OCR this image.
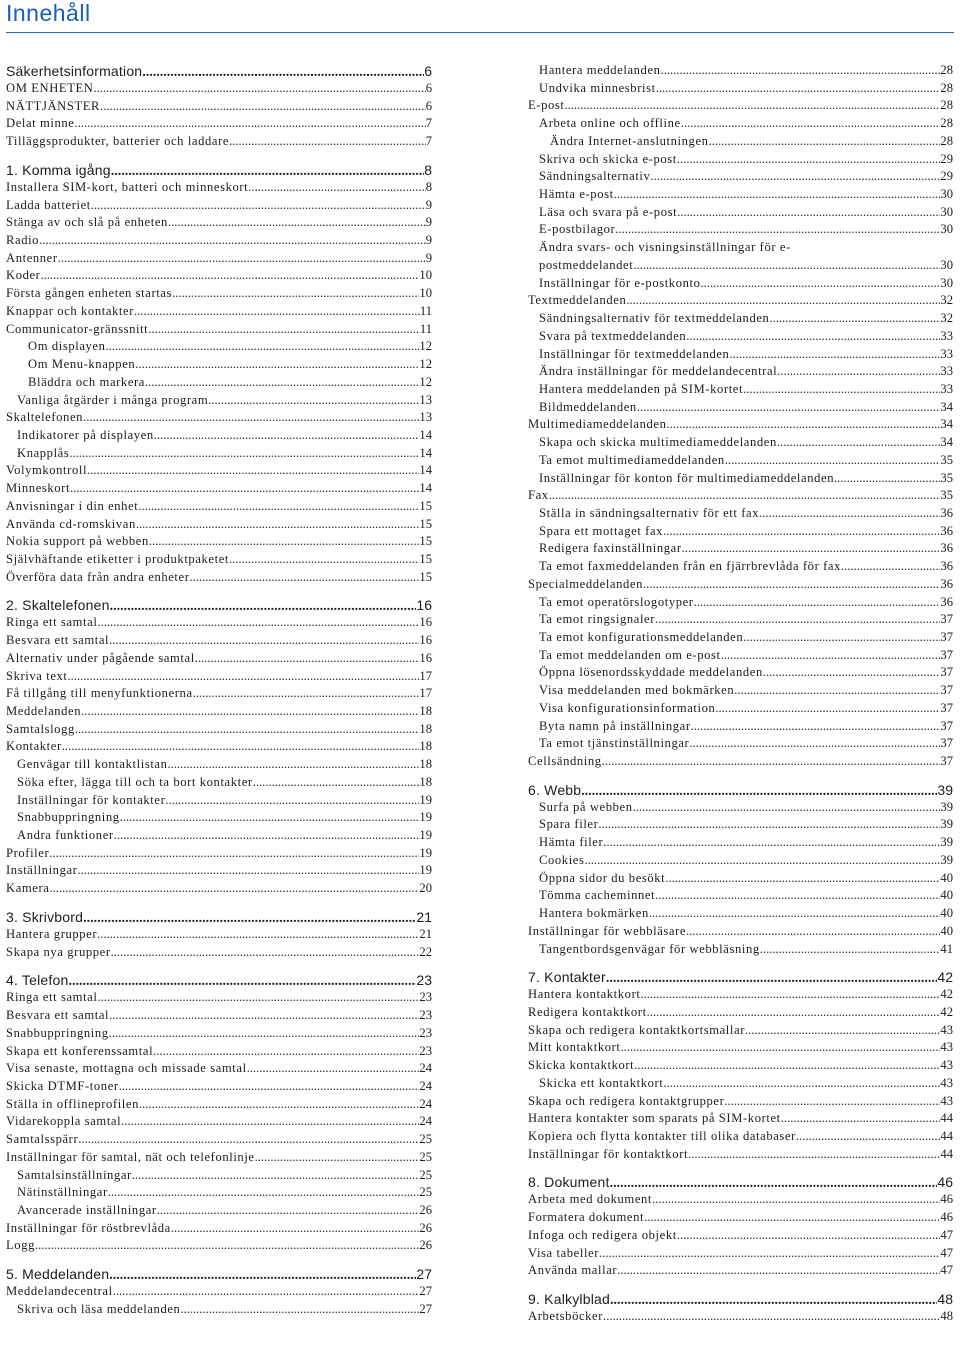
Innehåll
Säkerhetsinformation .....	6
OM ENHETEN .....	6
NÄTTJÄNSTER .....	6
Delat minne .....	7
Tilläggsprodukter, batterier och laddare .....	7
1. Komma igång .....	8
Installera SIM-kort, batteri och minneskort .....	8
Ladda batteriet .....	9
Stänga av och slå på enheten .....	9
Radio .....	9
Antenner .....	9
Koder .....	10
Första gången enheten startas .....	10
Knappar och kontakter .....	11
Communicator-gränssnitt .....	11
Om displayen .....	12
Om Menu-knappen .....	12
Bläddra och markera .....	12
Vanliga åtgärder i många program .....	13
Skaltelefonen .....	13
Indikatorer på displayen .....	14
Knapplås .....	14
Volymkontroll .....	14
Minneskort .....	14
Anvisningar i din enhet .....	15
Använda cd-romskivan .....	15
Nokia support på webben .....	15
Självhäftande etiketter i produktpaketet .....	15
Överföra data från andra enheter .....	15
2. Skaltelefonen .....	16
Ringa ett samtal .....	16
Besvara ett samtal .....	16
Alternativ under pågående samtal .....	16
Skriva text .....	17
Få tillgång till menyfunktionerna .....	17
Meddelanden .....	18
Samtalslogg .....	18
Kontakter .....	18
Genvägar till kontaktlistan .....	18
Söka efter, lägga till och ta bort kontakter .....	18
Inställningar för kontakter .....	19
Snabbuppringning .....	19
Andra funktioner .....	19
Profiler .....	19
Inställningar .....	19
Kamera .....	20
3. Skrivbord .....	21
Hantera grupper .....	21
Skapa nya grupper .....	22
4. Telefon .....	23
Ringa ett samtal .....	23
Besvara ett samtal .....	23
Snabbuppringning .....	23
Skapa ett konferenssamtal .....	23
Visa senaste, mottagna och missade samtal .....	24
Skicka DTMF-toner .....	24
Ställa in offlineprofilen .....	24
Vidarekoppla samtal .....	24
Samtalsspärr .....	25
Inställningar för samtal, nät och telefonlinje .....	25
Samtalsinställningar .....	25
Nätinställningar .....	25
Avancerade inställningar .....	26
Inställningar för röstbrevlåda .....	26
Logg .....	26
5. Meddelanden .....	27
Meddelandecentral .....	27
Skriva och läsa meddelanden .....	27
Hantera meddelanden .....	28
Undvika minnesbrist .....	28
E-post .....	28
Arbeta online och offline .....	28
Ändra Internet-anslutningen .....	28
Skriva och skicka e-post .....	29
Sändningsalternativ .....	29
Hämta e-post .....	30
Läsa och svara på e-post .....	30
E-postbilagor .....	30
Ändra svars- och visningsinställningar för e-
postmeddelandet .....	30
Inställningar för e-postkonto .....	30
Textmeddelanden .....	32
Sändningsalternativ för textmeddelanden .....	32
Svara på textmeddelanden .....	33
Inställningar för textmeddelanden .....	33
Ändra inställningar för meddelandecentral .....	33
Hantera meddelanden på SIM-kortet .....	33
Bildmeddelanden .....	34
Multimediameddelanden .....	34
Skapa och skicka multimediameddelanden .....	34
Ta emot multimediameddelanden .....	35
Inställningar för konton för multimediameddelanden .....	35
Fax .....	35
Ställa in sändningsalternativ för ett fax .....	36
Spara ett mottaget fax .....	36
Redigera faxinställningar .....	36
Ta emot faxmeddelanden från en fjärrbrevlåda för fax .....	36
Specialmeddelanden .....	36
Ta emot operatörslogotyper .....	36
Ta emot ringsignaler .....	37
Ta emot konfigurationsmeddelanden .....	37
Ta emot meddelanden om e-post .....	37
Öppna lösenordsskyddade meddelanden .....	37
Visa meddelanden med bokmärken .....	37
Visa konfigurationsinformation .....	37
Byta namn på inställningar .....	37
Ta emot tjänstinställningar .....	37
Cellsändning .....	37
6. Webb .....	39
Surfa på webben .....	39
Spara filer .....	39
Hämta filer .....	39
Cookies .....	39
Öppna sidor du besökt .....	40
Tömma cacheminnet .....	40
Hantera bokmärken .....	40
Inställningar för webbläsare .....	40
Tangentbordsgenvägar för webbläsning .....	41
7. Kontakter .....	42
Hantera kontaktkort .....	42
Redigera kontaktkort .....	42
Skapa och redigera kontaktkortsmallar .....	43
Mitt kontaktkort .....	43
Skicka kontaktkort .....	43
Skicka ett kontaktkort .....	43
Skapa och redigera kontaktgrupper .....	43
Hantera kontakter som sparats på SIM-kortet .....	44
Kopiera och flytta kontakter till olika databaser .....	44
Inställningar för kontaktkort .....	44
8. Dokument .....	46
Arbeta med dokument .....	46
Formatera dokument .....	46
Infoga och redigera objekt .....	47
Visa tabeller .....	47
Använda mallar .....	47
9. Kalkylblad .....	48
Arbetsböcker .....	48
